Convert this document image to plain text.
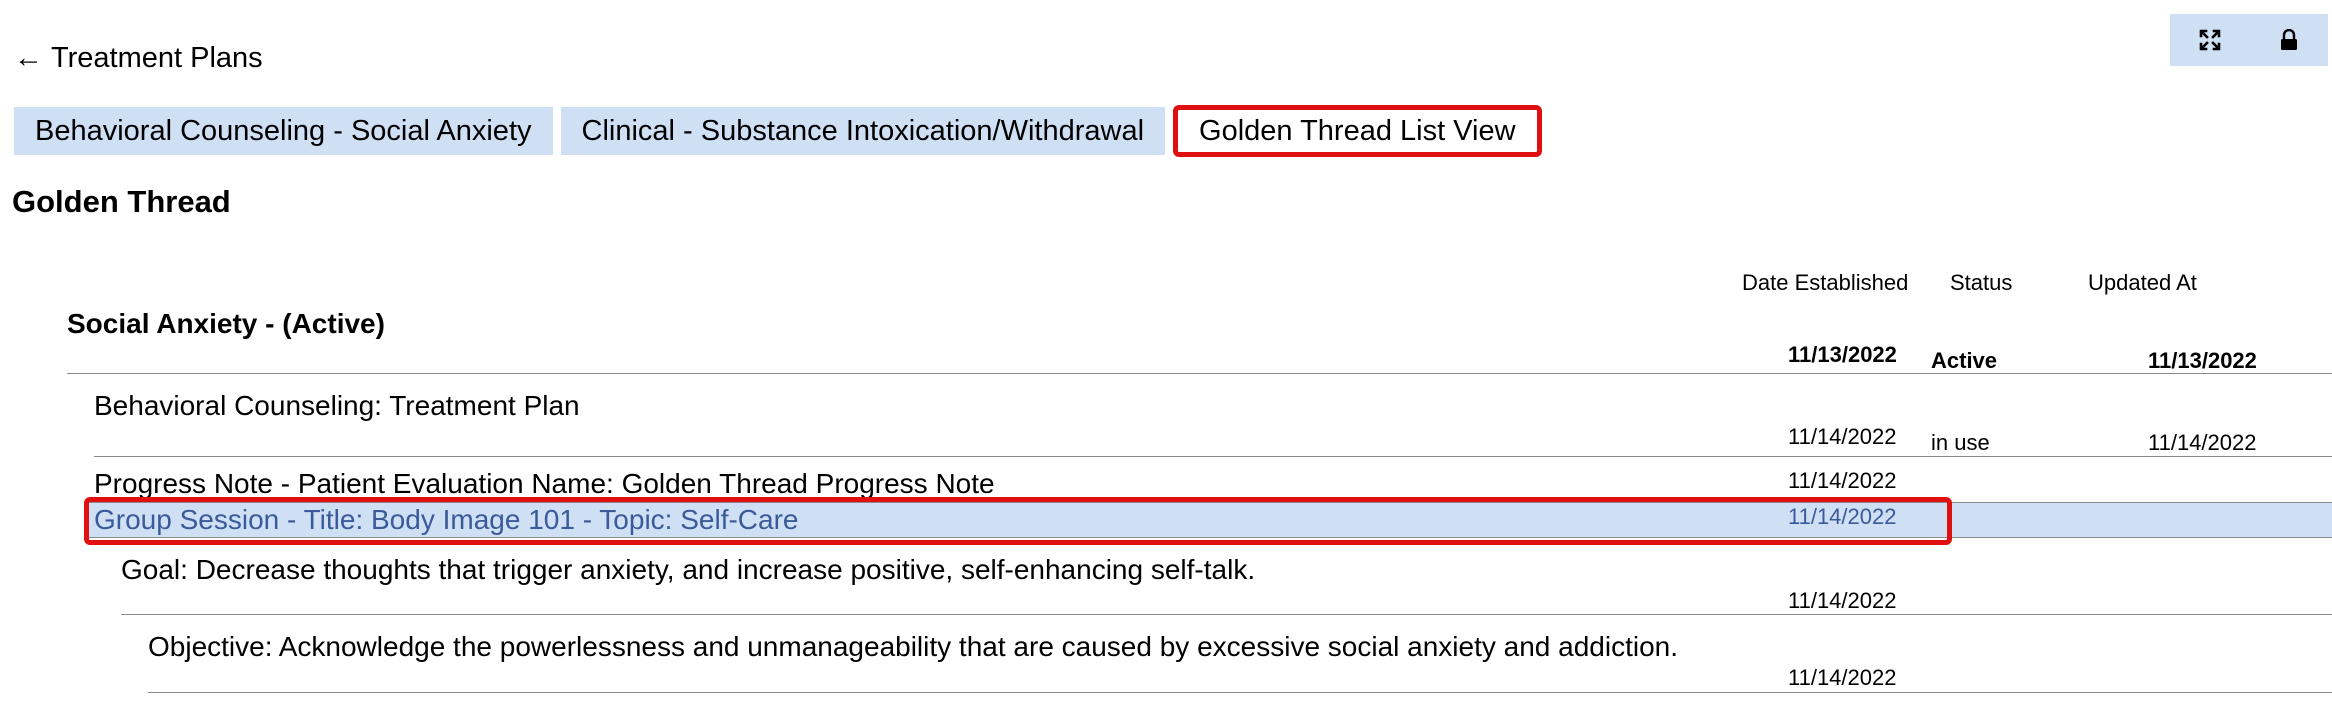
← Treatment Plans
Behavioral Counseling - Social Anxiety	Clinical - Substance Intoxication/Withdrawal	Golden Thread List View
Golden Thread
Date Established Status	Updated At
Social Anxiety - (Active)
11/13/2022 Active	11/13/2022
Behavioral Counseling: Treatment Plan
11/14/2022 in use	11/14/2022
Progress Note - Patient Evaluation Name: Golden Thread Progress Note	11/14/2022
Group Session - Title: Body Image 101 - Topic: Self-Care	11/14/2022
Goal: Decrease thoughts that trigger anxiety, and increase positive, self-enhancing self-talk.
11/14/2022
Objective: Acknowledge the powerlessness and unmanageability that are caused by excessive social anxiety and addiction.
11/14/2022
